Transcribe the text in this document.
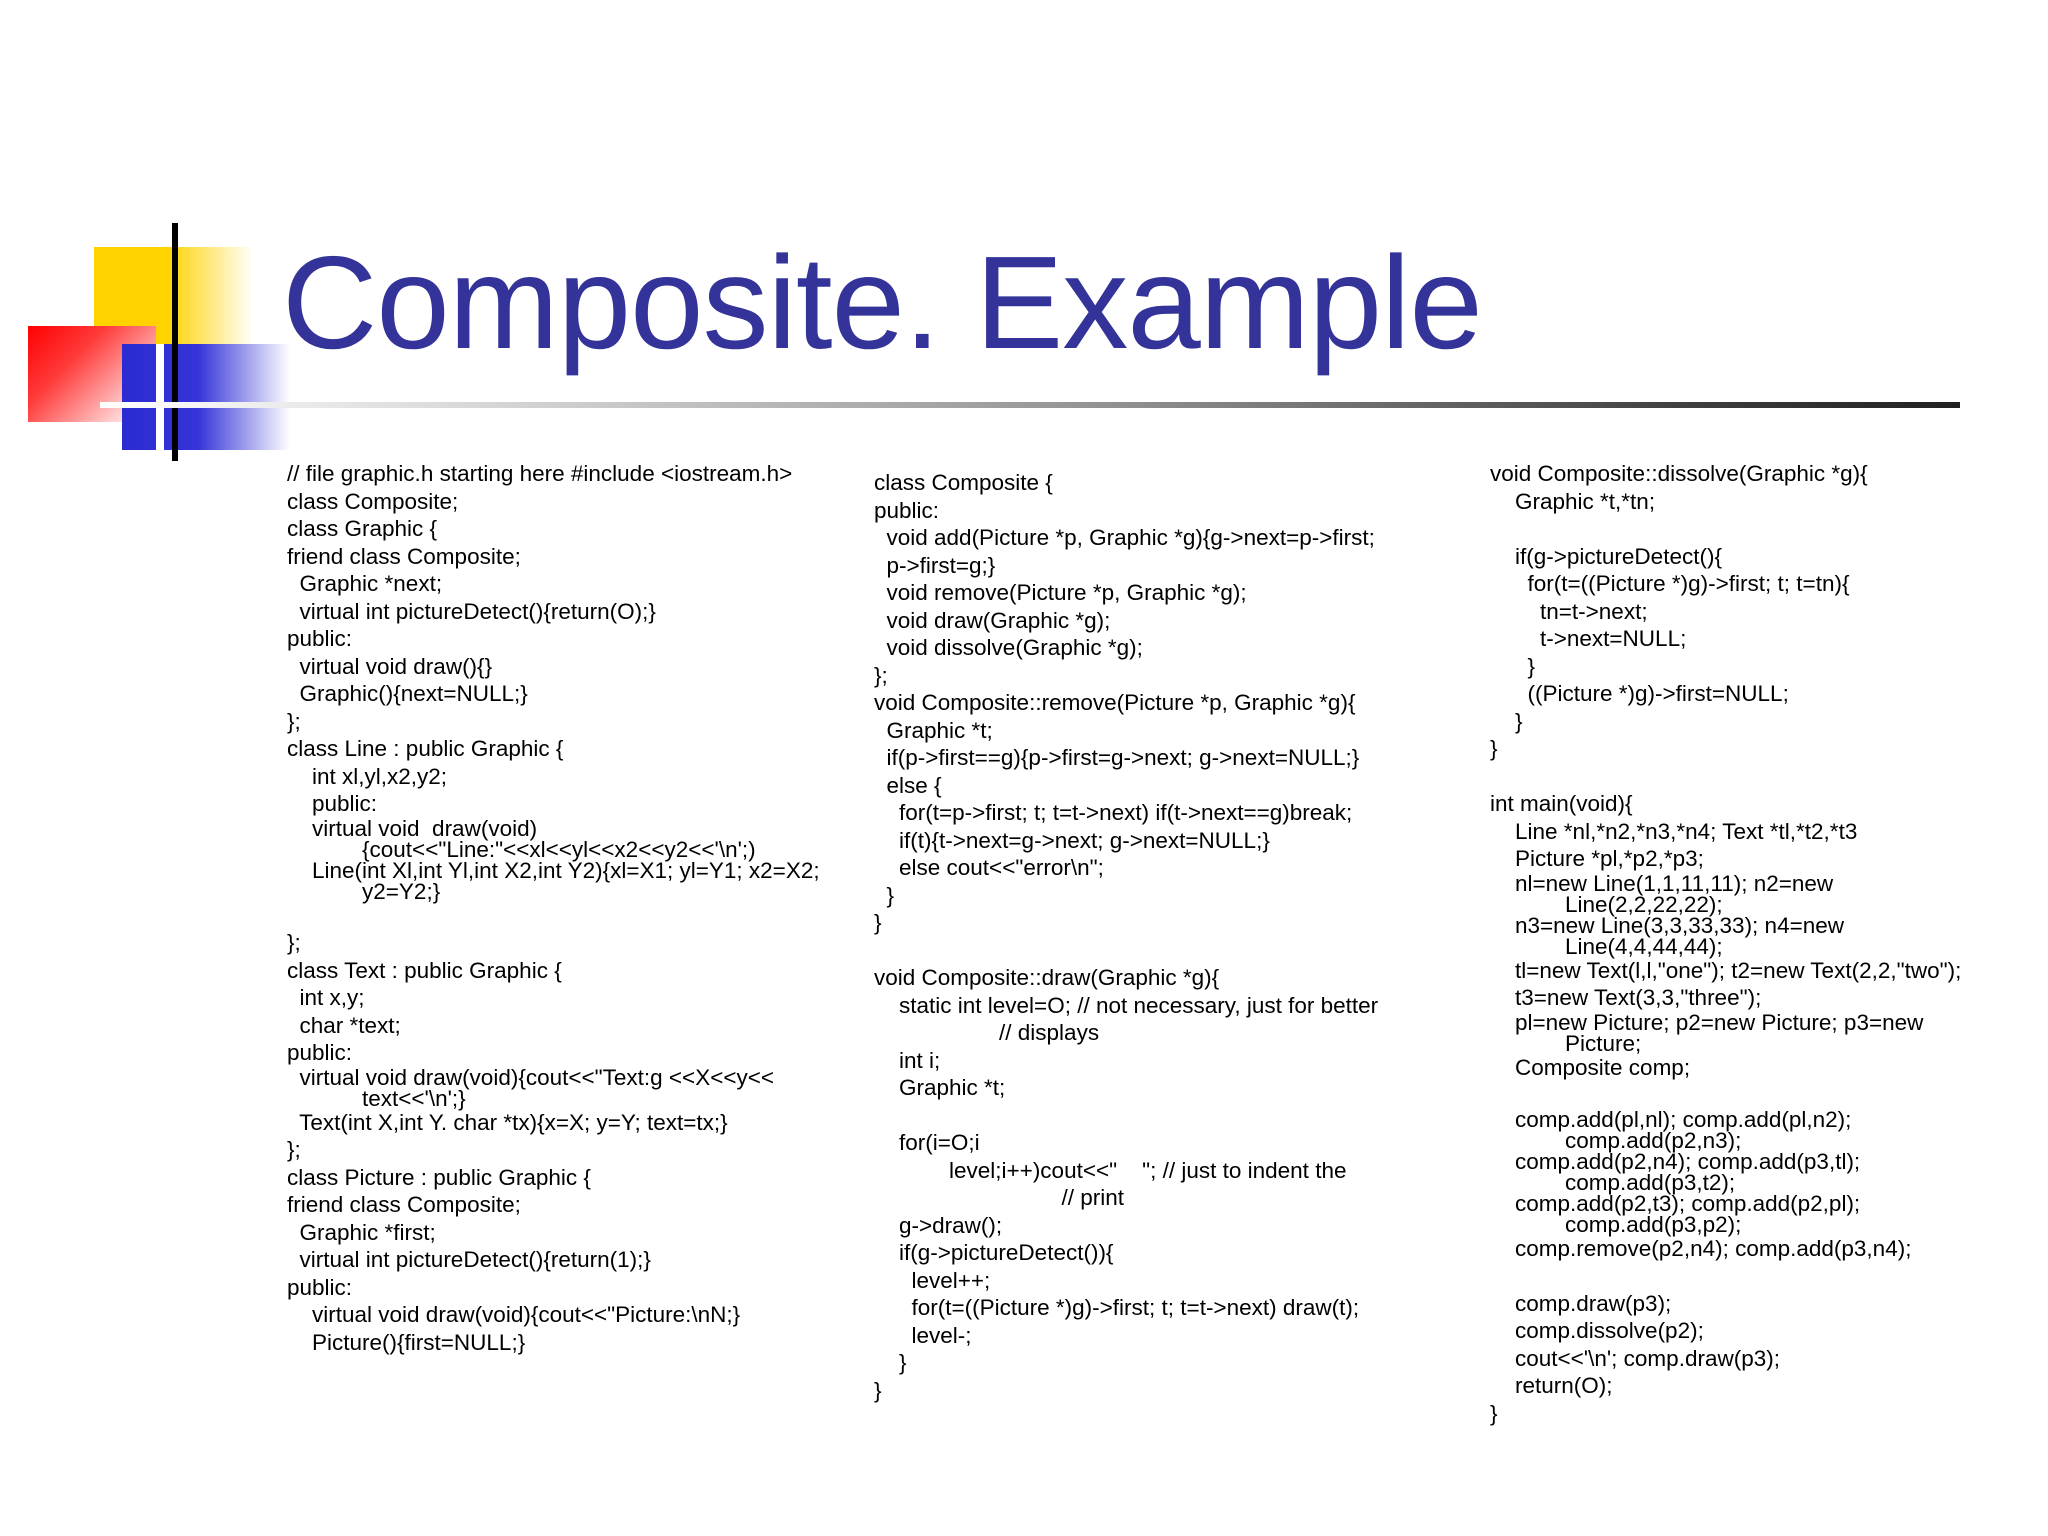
Composite. Example
// file graphic.h starting here #include <iostream.h>
class Composite;
class Graphic {
friend class Composite;
Graphic *next;
virtual int pictureDetect(){return(O);}
public:
virtual void draw(){}
Graphic(){next=NULL;}
};
class Line : public Graphic {
int xl,yl,x2,y2;
public:
virtual void  draw(void)
{cout<<"Line:"<<xl<<yl<<x2<<y2<<'\n';)
Line(int Xl,int Yl,int X2,int Y2){xl=X1; yl=Y1; x2=X2;
y2=Y2;}
};
class Text : public Graphic {
int x,y;
char *text;
public:
virtual void draw(void){cout<<"Text:g <<X<<y<<
text<<'\n';}
Text(int X,int Y. char *tx){x=X; y=Y; text=tx;}
};
class Picture : public Graphic {
friend class Composite;
Graphic *first;
virtual int pictureDetect(){return(1);}
public:
virtual void draw(void){cout<<"Picture:\nN;}
Picture(){first=NULL;}
class Composite {
public:
void add(Picture *p, Graphic *g){g->next=p->first;
p->first=g;}
void remove(Picture *p, Graphic *g);
void draw(Graphic *g);
void dissolve(Graphic *g);
};
void Composite::remove(Picture *p, Graphic *g){
Graphic *t;
if(p->first==g){p->first=g->next; g->next=NULL;}
else {
for(t=p->first; t; t=t->next) if(t->next==g)break;
if(t){t->next=g->next; g->next=NULL;}
else cout<<"error\n";
}
}
void Composite::draw(Graphic *g){
static int level=O; // not necessary, just for better
// displays
int i;
Graphic *t;
for(i=O;i
level;i++)cout<<"    "; // just to indent the
// print
g->draw();
if(g->pictureDetect()){
level++;
for(t=((Picture *)g)->first; t; t=t->next) draw(t);
level-;
}
}
void Composite::dissolve(Graphic *g){
Graphic *t,*tn;
if(g->pictureDetect(){
for(t=((Picture *)g)->first; t; t=tn){
tn=t->next;
t->next=NULL;
}
((Picture *)g)->first=NULL;
}
}
int main(void){
Line *nl,*n2,*n3,*n4; Text *tl,*t2,*t3
Picture *pl,*p2,*p3;
nl=new Line(1,1,11,11); n2=new
Line(2,2,22,22);
n3=new Line(3,3,33,33); n4=new
Line(4,4,44,44);
tl=new Text(l,l,"one"); t2=new Text(2,2,"two");
t3=new Text(3,3,"three");
pl=new Picture; p2=new Picture; p3=new
Picture;
Composite comp;
comp.add(pl,nl); comp.add(pl,n2);
comp.add(p2,n3);
comp.add(p2,n4); comp.add(p3,tl);
comp.add(p3,t2);
comp.add(p2,t3); comp.add(p2,pl);
comp.add(p3,p2);
comp.remove(p2,n4); comp.add(p3,n4);
comp.draw(p3);
comp.dissolve(p2);
cout<<'\n'; comp.draw(p3);
return(O);
}
